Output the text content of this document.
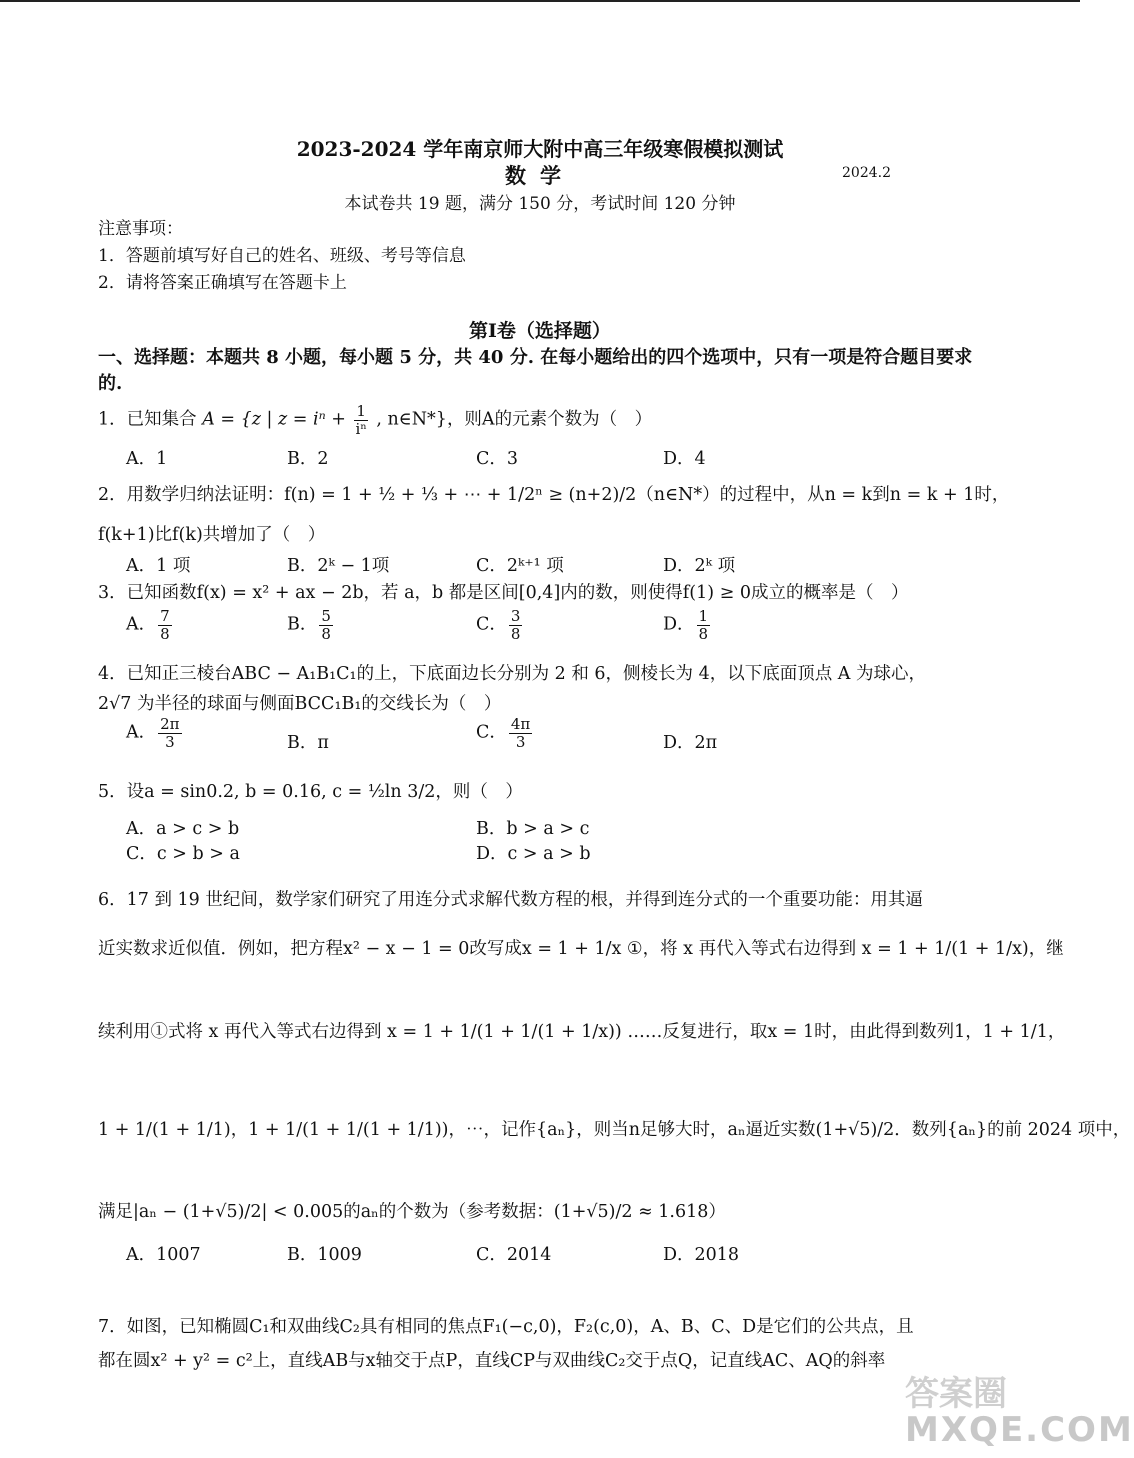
2023-2024 学年南京师大附中高三年级寒假模拟测试
数学	2024.2
本试卷共 19 题，满分 150 分，考试时间 120 分钟
注意事项：
1．答题前填写好自己的姓名、班级、考号等信息
2．请将答案正确填写在答题卡上
第Ⅰ卷（选择题）
一、选择题：本题共 8 小题，每小题 5 分，共 40 分. 在每小题给出的四个选项中，只有一项是符合题目要求的.
1．已知集合 A = {z | $z = i^n + \frac{1}{\text{iⁿ}}$ , n∈N*}，则A的元素个数为（　）
A．1	B．2	C．3	D．4
2．用数学归纳法证明：f(n) = 1 + ½ + ⅓ + ⋯ + 1/2ⁿ ≥ (n+2)/2（n∈N*）的过程中，从n = k到n = k + 1时，
f(k+1)比f(k)共增加了（　）
A．1 项	B．2ᵏ − 1项	C．2ᵏ⁺¹ 项	D．2ᵏ 项
3．已知函数f(x) = x² + ax − 2b，若 a，b 都是区间[0,4]内的数，则使得f(1) ≥ 0成立的概率是（　）
A． $\frac{7}{8}$	B． $\frac{5}{8}$	C． $\frac{3}{8}$	D． $\frac{1}{8}$
4．已知正三棱台ABC − A₁B₁C₁的上，下底面边长分别为 2 和 6，侧棱长为 4，以下底面顶点 A 为球心，
2√7 为半径的球面与侧面BCC₁B₁的交线长为（　）
A． $\frac{2\pi}{3}$	B．π
C． $\frac{4\pi}{3}$	D．2π
5．设a = sin0.2, b = 0.16, c = ½ln 3/2，则（　）
A．a > c > b	B．b > a > c
C．c > b > a	D．c > a > b
6．17 到 19 世纪间，数学家们研究了用连分式求解代数方程的根，并得到连分式的一个重要功能：用其逼
近实数求近似值．例如，把方程x² − x − 1 = 0改写成x = 1 + 1/x ①，将 x 再代入等式右边得到 x = 1 + 1/(1 + 1/x)，继
续利用①式将 x 再代入等式右边得到 x = 1 + 1/(1 + 1/(1 + 1/x)) ……反复进行，取x = 1时，由此得到数列1，1 + 1/1，
1 + 1/(1 + 1/1)，1 + 1/(1 + 1/(1 + 1/1))，⋯，记作{aₙ}，则当n足够大时，aₙ逼近实数(1+√5)/2．数列{aₙ}的前 2024 项中，
满足|aₙ − (1+√5)/2| < 0.005的aₙ的个数为（参考数据：(1+√5)/2 ≈ 1.618）
A．1007	B．1009	C．2014	D．2018
7．如图，已知椭圆C₁和双曲线C₂具有相同的焦点F₁(−c,0)，F₂(c,0)，A、B、C、D是它们的公共点，且
都在圆x² + y² = c²上，直线AB与x轴交于点P，直线CP与双曲线C₂交于点Q，记直线AC、AQ的斜率
答案圈
MXQE.COM
